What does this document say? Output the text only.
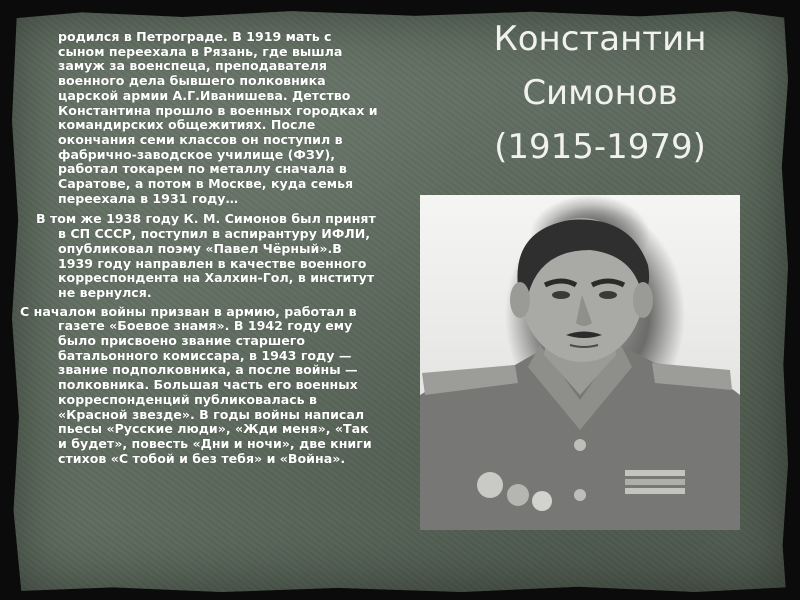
Константин
Симонов
(1915-1979)

родился в Петрограде. В 1919 мать с сыном переехала в Рязань, где вышла замуж за военспеца, преподавателя военного дела бывшего полковника царской армии А.Г.Иванишева. Детство Константина прошло в военных городках и командирских общежитиях. После окончания семи классов он поступил в фабрично-заводское училище (ФЗУ), работал токарем по металлу сначала в Саратове, а потом в Москве, куда семья переехала в 1931 году…

В том же 1938 году К. М. Симонов был принят в СП СССР, поступил в аспирантуру ИФЛИ, опубликовал поэму «Павел Чёрный».В 1939 году направлен в качестве военного корреспондента на Халхин-Гол, в институт не вернулся.

С началом войны призван в армию, работал в газете «Боевое знамя». В 1942 году ему было присвоено звание старшего батальонного комиссара, в 1943 году — звание подполковника, а после войны — полковника. Большая часть его военных корреспонденций публиковалась в «Красной звезде». В годы войны написал пьесы «Русские люди», «Жди меня», «Так и будет», повесть «Дни и ночи», две книги стихов «С тобой и без тебя» и «Война».
